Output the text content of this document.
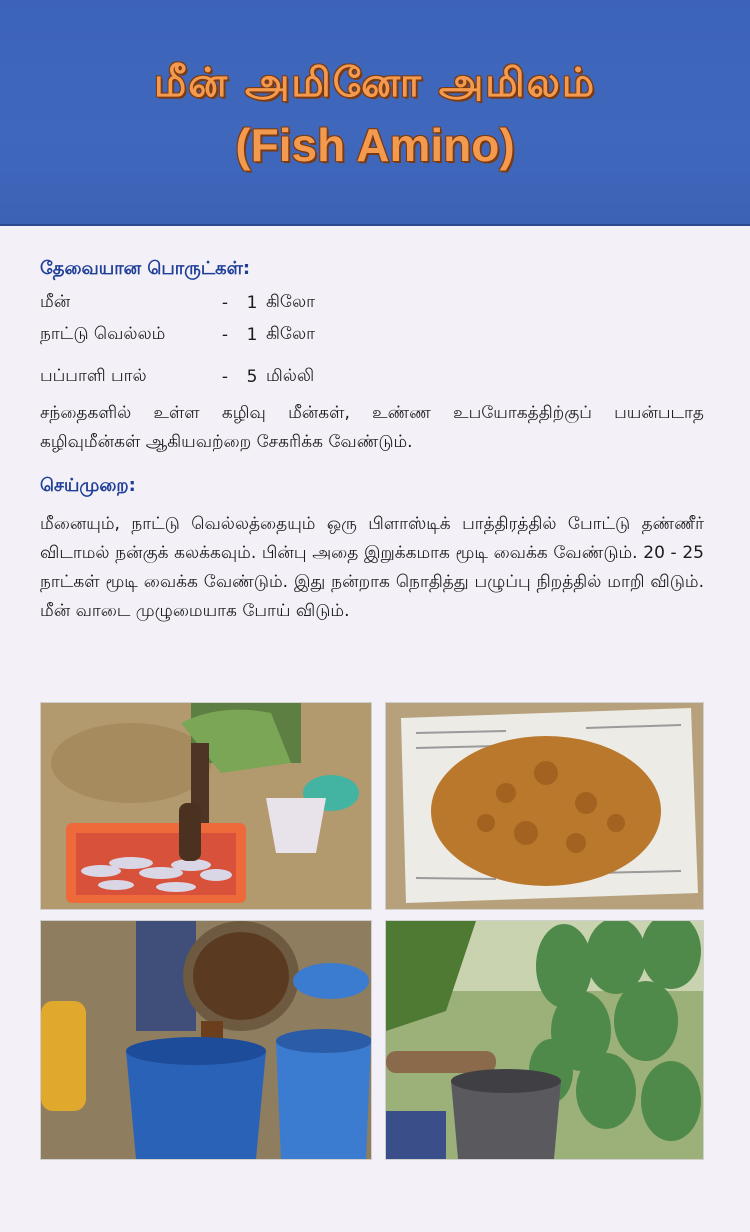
மீன் அமினோ அமிலம்
(Fish Amino)

தேவையான பொருட்கள்:

மீன்	-	1 கிலோ
நாட்டு வெல்லம்	-	1 கிலோ
பப்பாளி பால்	-	5 மில்லி

சந்தைகளில் உள்ள கழிவு மீன்கள், உண்ண உபயோகத்திற்குப் பயன்படாத கழிவுமீன்கள் ஆகியவற்றை சேகரிக்க வேண்டும்.

செய்முறை:

மீனையும், நாட்டு வெல்லத்தையும் ஒரு பிளாஸ்டிக் பாத்திரத்தில் போட்டு தண்ணீர் விடாமல் நன்குக் கலக்கவும். பின்பு அதை இறுக்கமாக மூடி வைக்க வேண்டும். 20 - 25 நாட்கள் மூடி வைக்க வேண்டும். இது நன்றாக நொதித்து பழுப்பு நிறத்தில் மாறி விடும். மீன் வாடை முழுமையாக போய் விடும்.
